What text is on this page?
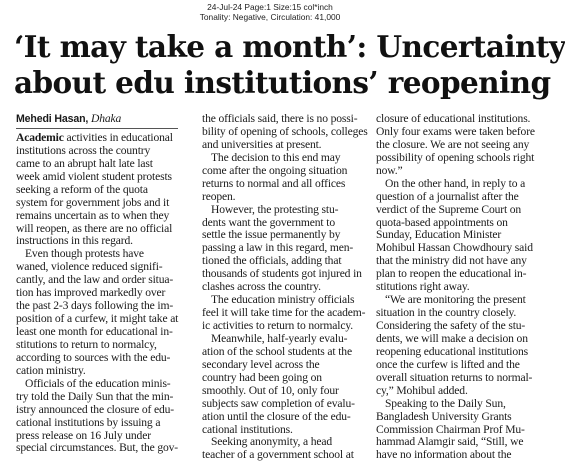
24-Jul-24 Page:1 Size:15 col*inch
Tonality: Negative, Circulation: 41,000
‘It may take a month’: Uncertainty
about edu institutions’ reopening
Mehedi Hasan, Dhaka
Academic activities in educational
institutions across the country
came to an abrupt halt late last
week amid violent student protests
seeking a reform of the quota
system for government jobs and it
remains uncertain as to when they
will reopen, as there are no official
instructions in this regard.
Even though protests have
waned, violence reduced signifi-
cantly, and the law and order situa-
tion has improved markedly over
the past 2-3 days following the im-
position of a curfew, it might take at
least one month for educational in-
stitutions to return to normalcy,
according to sources with the edu-
cation ministry.
Officials of the education minis-
try told the Daily Sun that the min-
istry announced the closure of edu-
cational institutions by issuing a
press release on 16 July under
special circumstances. But, the gov-
the officials said, there is no possi-
bility of opening of schools, colleges
and universities at present.
The decision to this end may
come after the ongoing situation
returns to normal and all offices
reopen.
However, the protesting stu-
dents want the government to
settle the issue permanently by
passing a law in this regard, men-
tioned the officials, adding that
thousands of students got injured in
clashes across the country.
The education ministry officials
feel it will take time for the academ-
ic activities to return to normalcy.
Meanwhile, half-yearly evalu-
ation of the school students at the
secondary level across the
country had been going on
smoothly. Out of 10, only four
subjects saw completion of evalu-
ation until the closure of the edu-
cational institutions.
Seeking anonymity, a head
teacher of a government school at
closure of educational institutions.
Only four exams were taken before
the closure. We are not seeing any
possibility of opening schools right
now.”
On the other hand, in reply to a
question of a journalist after the
verdict of the Supreme Court on
quota-based appointments on
Sunday, Education Minister
Mohibul Hassan Chowdhoury said
that the ministry did not have any
plan to reopen the educational in-
stitutions right away.
“We are monitoring the present
situation in the country closely.
Considering the safety of the stu-
dents, we will make a decision on
reopening educational institutions
once the curfew is lifted and the
overall situation returns to normal-
cy,” Mohibul added.
Speaking to the Daily Sun,
Bangladesh University Grants
Commission Chairman Prof Mu-
hammad Alamgir said, “Still, we
have no information about the
